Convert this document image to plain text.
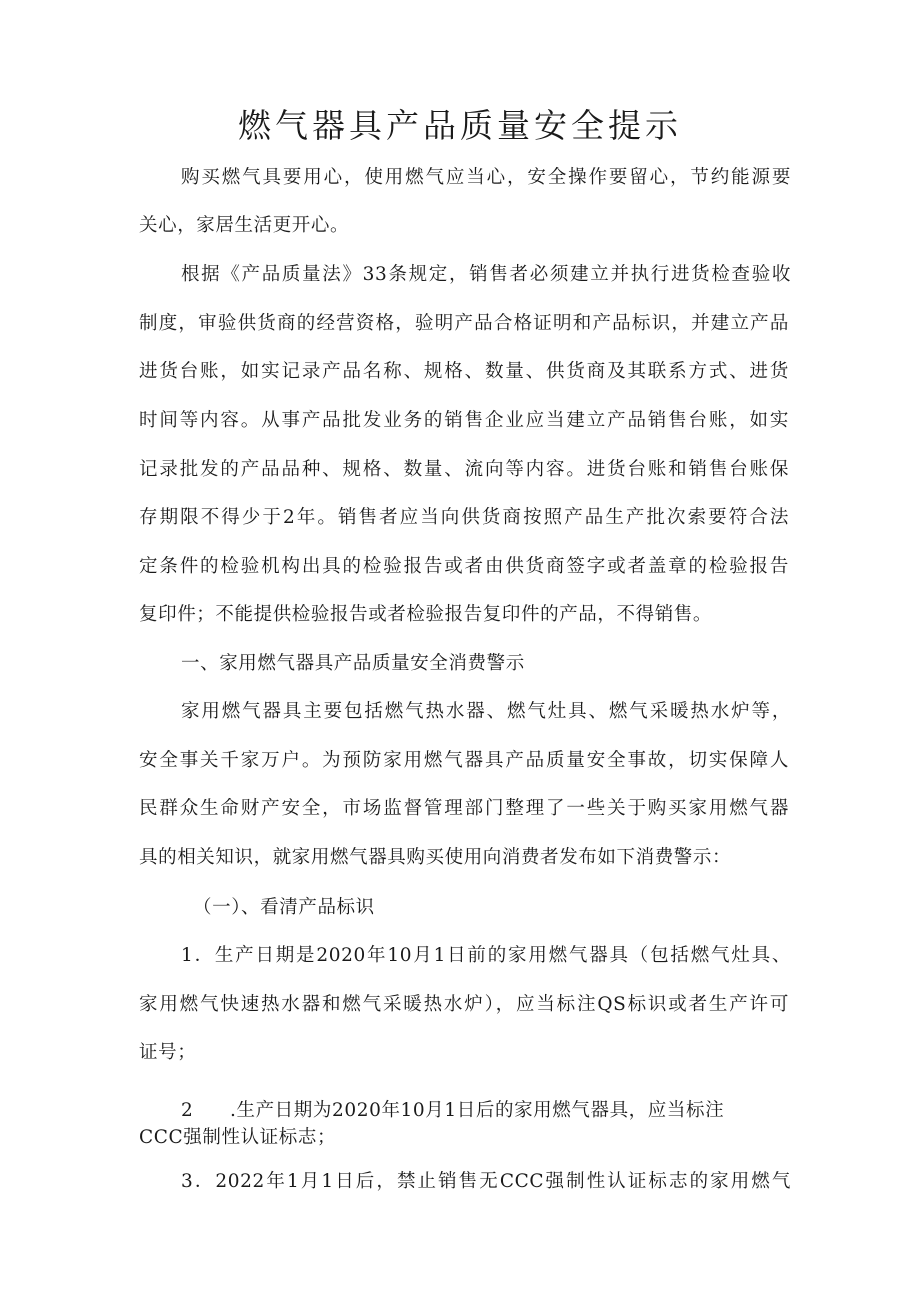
燃气器具产品质量安全提示
购买燃气具要用心，使用燃气应当心，安全操作要留心，节约能源要
关心，家居生活更开心。
根据《产品质量法》33条规定，销售者必须建立并执行进货检查验收
制度，审验供货商的经营资格，验明产品合格证明和产品标识，并建立产品
进货台账，如实记录产品名称、规格、数量、供货商及其联系方式、进货
时间等内容。从事产品批发业务的销售企业应当建立产品销售台账，如实
记录批发的产品品种、规格、数量、流向等内容。进货台账和销售台账保
存期限不得少于2年。销售者应当向供货商按照产品生产批次索要符合法
定条件的检验机构出具的检验报告或者由供货商签字或者盖章的检验报告
复印件；不能提供检验报告或者检验报告复印件的产品，不得销售。
一、家用燃气器具产品质量安全消费警示
家用燃气器具主要包括燃气热水器、燃气灶具、燃气采暖热水炉等，
安全事关千家万户。为预防家用燃气器具产品质量安全事故，切实保障人
民群众生命财产安全，市场监督管理部门整理了一些关于购买家用燃气器
具的相关知识，就家用燃气器具购买使用向消费者发布如下消费警示：
（一）、看清产品标识
1．生产日期是2020年10月1日前的家用燃气器具（包括燃气灶具、
家用燃气快速热水器和燃气采暖热水炉），应当标注QS标识或者生产许可
证号；
2 .生产日期为2020年10月1日后的家用燃气器具，应当标注
CCC强制性认证标志；
3．2022年1月1日后，禁止销售无CCC强制性认证标志的家用燃气
